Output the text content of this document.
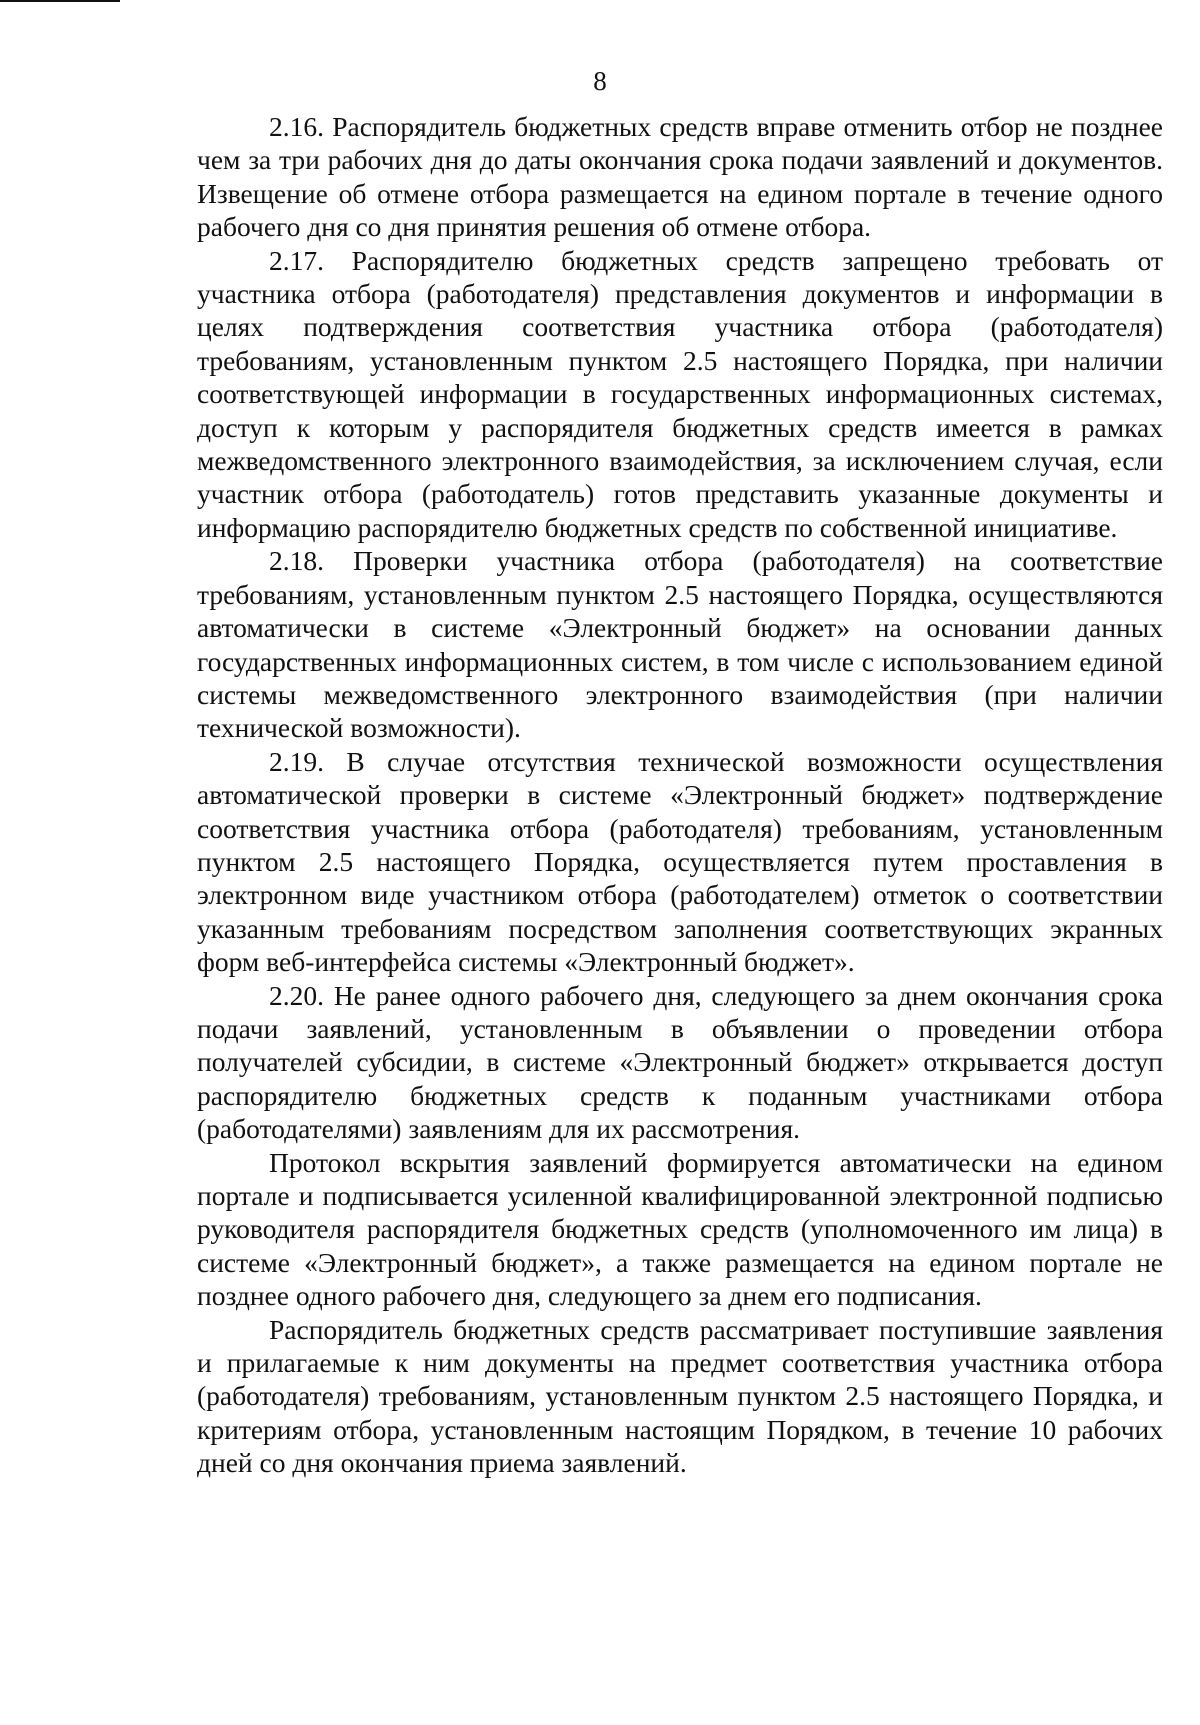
8

2.16. Распорядитель бюджетных средств вправе отменить отбор не позднее чем за три рабочих дня до даты окончания срока подачи заявлений и документов. Извещение об отмене отбора размещается на едином портале в течение одного рабочего дня со дня принятия решения об отмене отбора.

2.17. Распорядителю бюджетных средств запрещено требовать от участника отбора (работодателя) представления документов и информации в целях подтверждения соответствия участника отбора (работодателя) требованиям, установленным пунктом 2.5 настоящего Порядка, при наличии соответствующей информации в государственных информационных системах, доступ к которым у распорядителя бюджетных средств имеется в рамках межведомственного электронного взаимодействия, за исключением случая, если участник отбора (работодатель) готов представить указанные документы и информацию распорядителю бюджетных средств по собственной инициативе.

2.18. Проверки участника отбора (работодателя) на соответствие требованиям, установленным пунктом 2.5 настоящего Порядка, осуществляются автоматически в системе «Электронный бюджет» на основании данных государственных информационных систем, в том числе с использованием единой системы межведомственного электронного взаимодействия (при наличии технической возможности).

2.19. В случае отсутствия технической возможности осуществления автоматической проверки в системе «Электронный бюджет» подтверждение соответствия участника отбора (работодателя) требованиям, установленным пунктом 2.5 настоящего Порядка, осуществляется путем проставления в электронном виде участником отбора (работодателем) отметок о соответствии указанным требованиям посредством заполнения соответствующих экранных форм веб-интерфейса системы «Электронный бюджет».

2.20. Не ранее одного рабочего дня, следующего за днем окончания срока подачи заявлений, установленным в объявлении о проведении отбора получателей субсидии, в системе «Электронный бюджет» открывается доступ распорядителю бюджетных средств к поданным участниками отбора (работодателями) заявлениям для их рассмотрения.

Протокол вскрытия заявлений формируется автоматически на едином портале и подписывается усиленной квалифицированной электронной подписью руководителя распорядителя бюджетных средств (уполномоченного им лица) в системе «Электронный бюджет», а также размещается на едином портале не позднее одного рабочего дня, следующего за днем его подписания.

Распорядитель бюджетных средств рассматривает поступившие заявления и прилагаемые к ним документы на предмет соответствия участника отбора (работодателя) требованиям, установленным пунктом 2.5 настоящего Порядка, и критериям отбора, установленным настоящим Порядком, в течение 10 рабочих дней со дня окончания приема заявлений.
